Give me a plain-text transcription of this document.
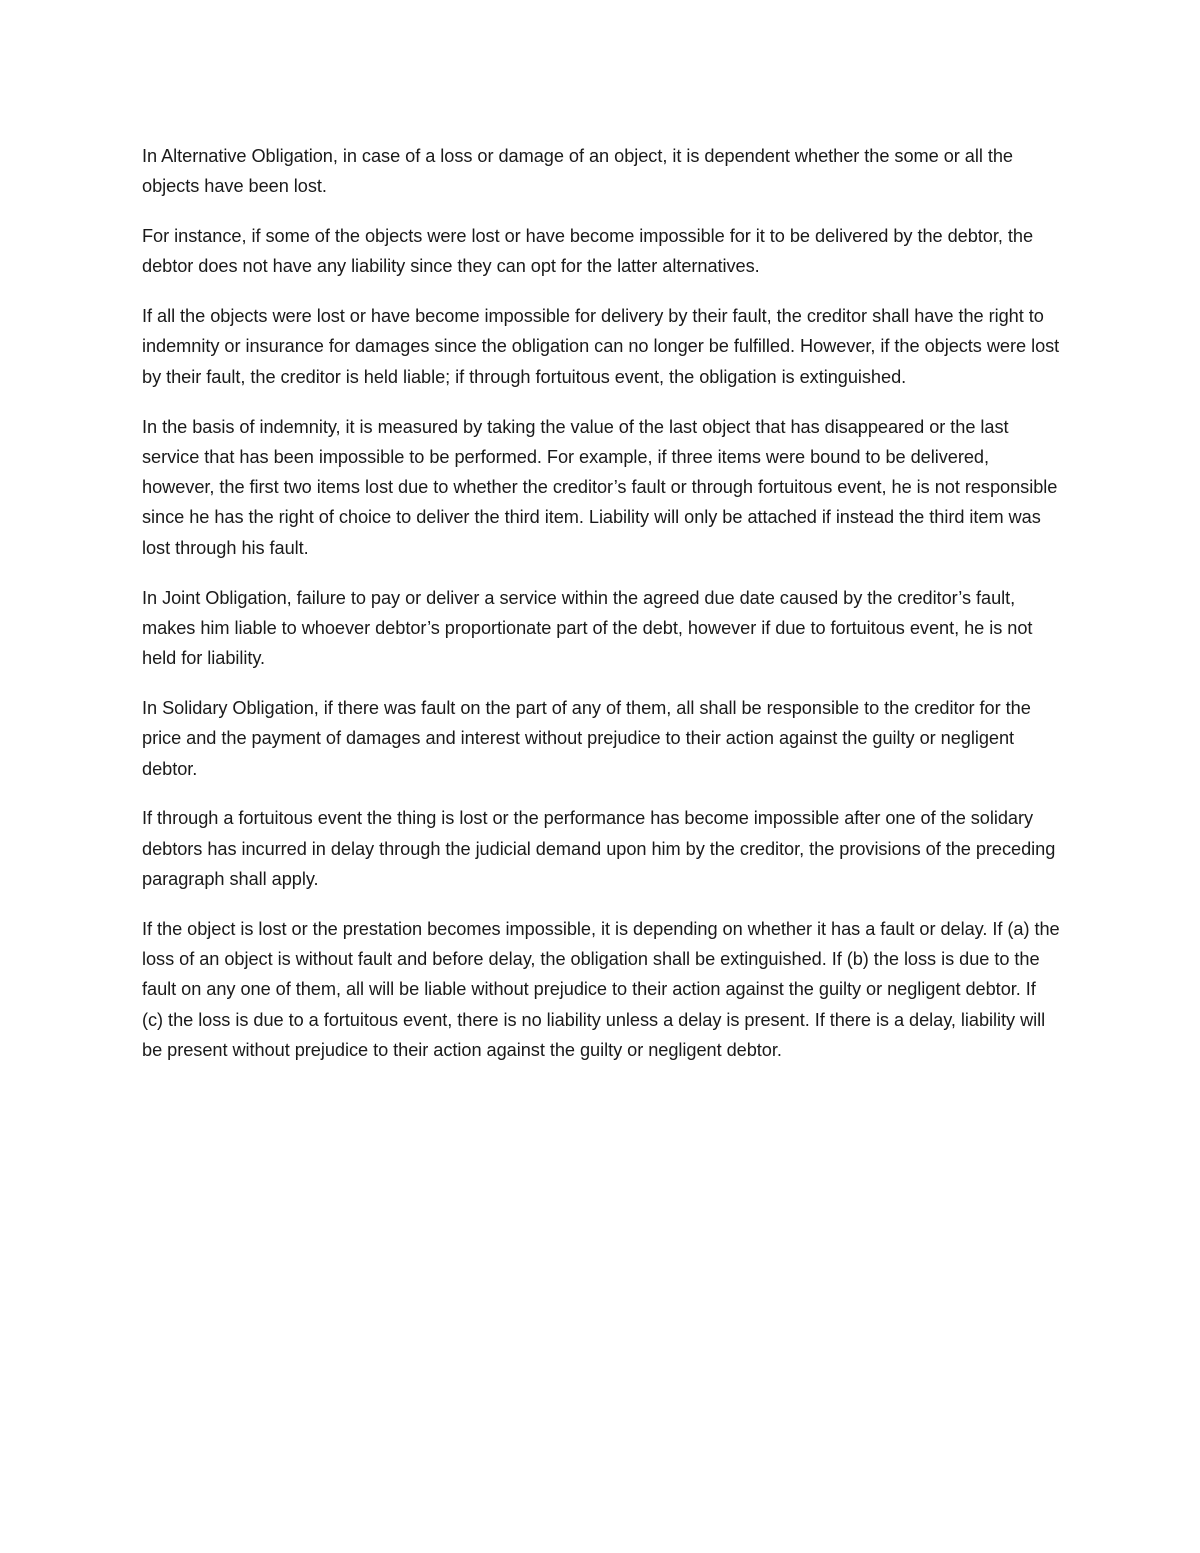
In Alternative Obligation, in case of a loss or damage of an object, it is dependent whether the some or all the objects have been lost.

For instance, if some of the objects were lost or have become impossible for it to be delivered by the debtor, the debtor does not have any liability since they can opt for the latter alternatives.

If all the objects were lost or have become impossible for delivery by their fault, the creditor shall have the right to indemnity or insurance for damages since the obligation can no longer be fulfilled. However, if the objects were lost by their fault, the creditor is held liable; if through fortuitous event, the obligation is extinguished.

In the basis of indemnity, it is measured by taking the value of the last object that has disappeared or the last service that has been impossible to be performed. For example, if three items were bound to be delivered, however, the first two items lost due to whether the creditor’s fault or through fortuitous event, he is not responsible since he has the right of choice to deliver the third item. Liability will only be attached if instead the third item was lost through his fault.

In Joint Obligation, failure to pay or deliver a service within the agreed due date caused by the creditor’s fault, makes him liable to whoever debtor’s proportionate part of the debt, however if due to fortuitous event, he is not held for liability.

In Solidary Obligation, if there was fault on the part of any of them, all shall be responsible to the creditor for the price and the payment of damages and interest without prejudice to their action against the guilty or negligent debtor.

If through a fortuitous event the thing is lost or the performance has become impossible after one of the solidary debtors has incurred in delay through the judicial demand upon him by the creditor, the provisions of the preceding paragraph shall apply.

If the object is lost or the prestation becomes impossible, it is depending on whether it has a fault or delay. If (a) the loss of an object is without fault and before delay, the obligation shall be extinguished. If (b) the loss is due to the fault on any one of them, all will be liable without prejudice to their action against the guilty or negligent debtor. If (c) the loss is due to a fortuitous event, there is no liability unless a delay is present. If there is a delay, liability will be present without prejudice to their action against the guilty or negligent debtor.
